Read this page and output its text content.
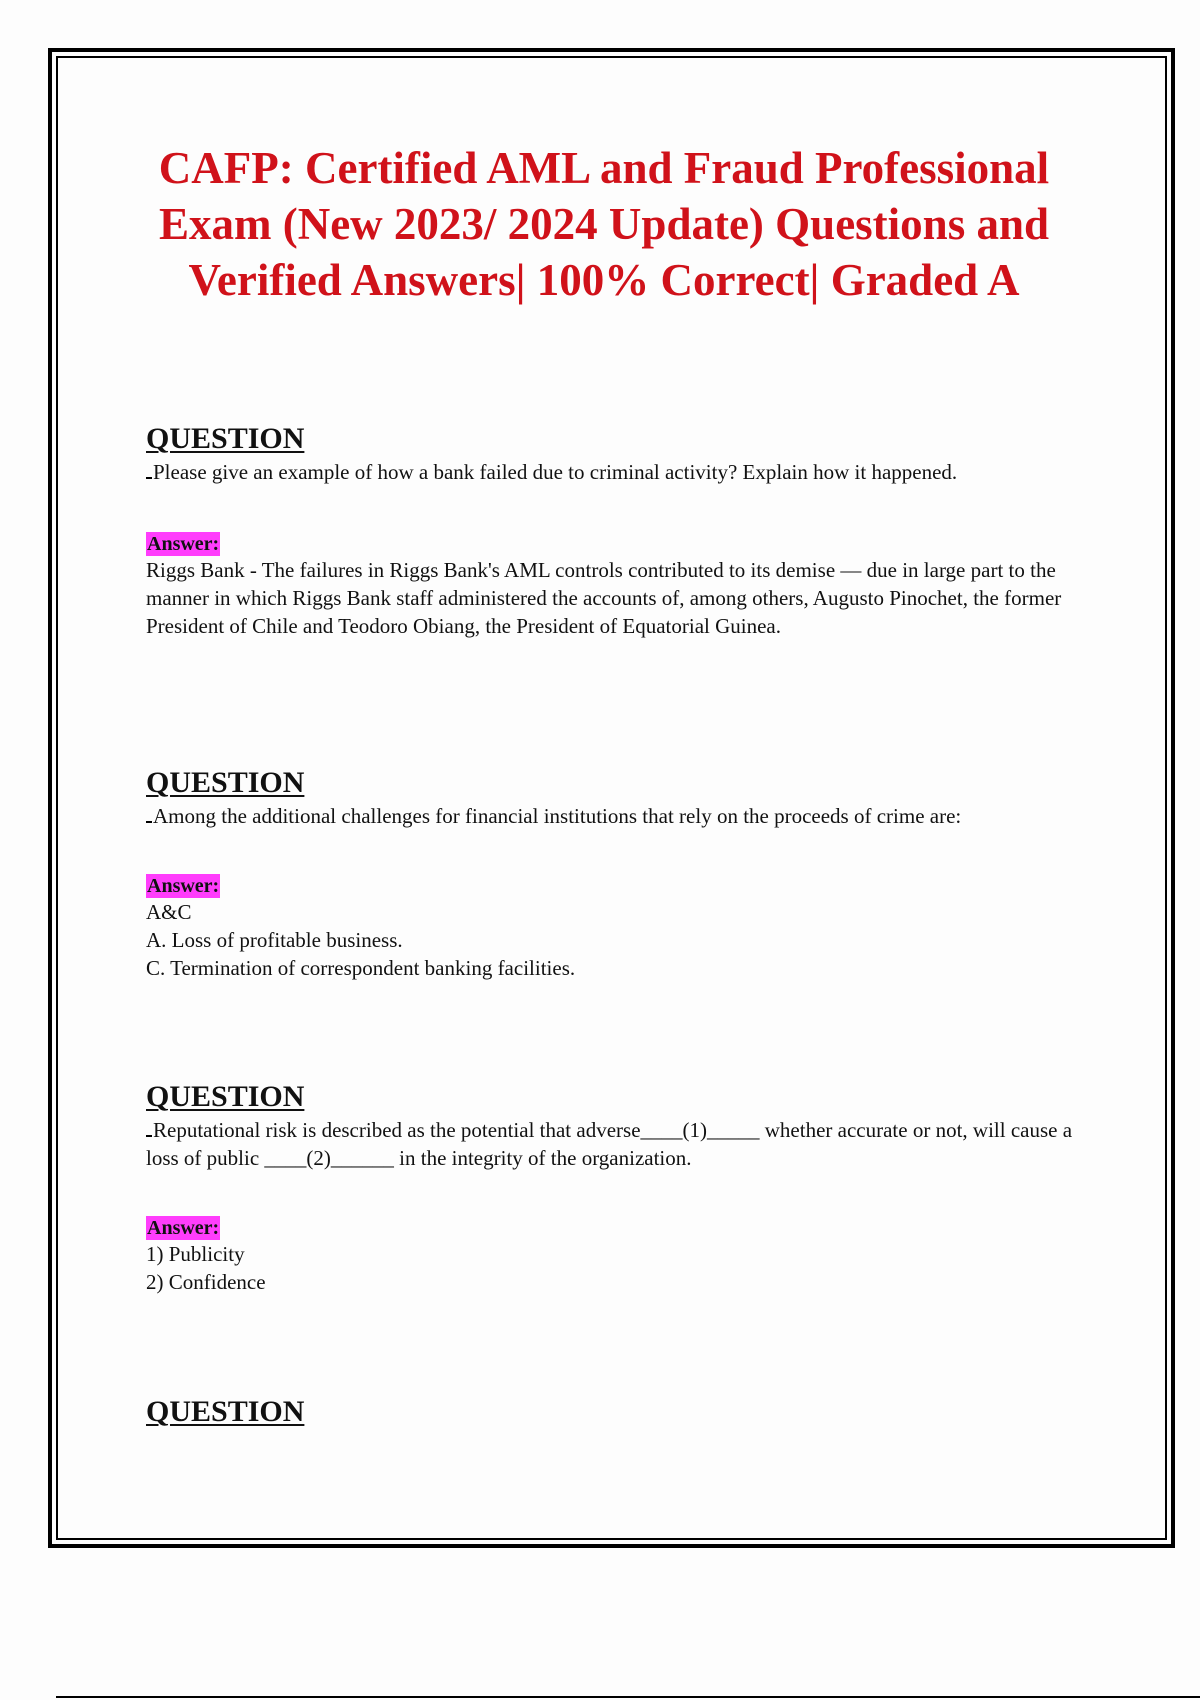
CAFP: Certified AML and Fraud Professional Exam (New 2023/ 2024 Update) Questions and Verified Answers| 100% Correct| Graded A
QUESTION

Please give an example of how a bank failed due to criminal activity? Explain how it happened.

Answer:

Riggs Bank - The failures in Riggs Bank's AML controls contributed to its demise — due in large part to the manner in which Riggs Bank staff administered the accounts of, among others, Augusto Pinochet, the former President of Chile and Teodoro Obiang, the President of Equatorial Guinea.

QUESTION

Among the additional challenges for financial institutions that rely on the proceeds of crime are:

Answer:

A&C
A. Loss of profitable business.
C. Termination of correspondent banking facilities.

QUESTION

Reputational risk is described as the potential that adverse____(1)_____ whether accurate or not, will cause a loss of public ____(2)______ in the integrity of the organization.

Answer:

1) Publicity
2) Confidence

QUESTION
